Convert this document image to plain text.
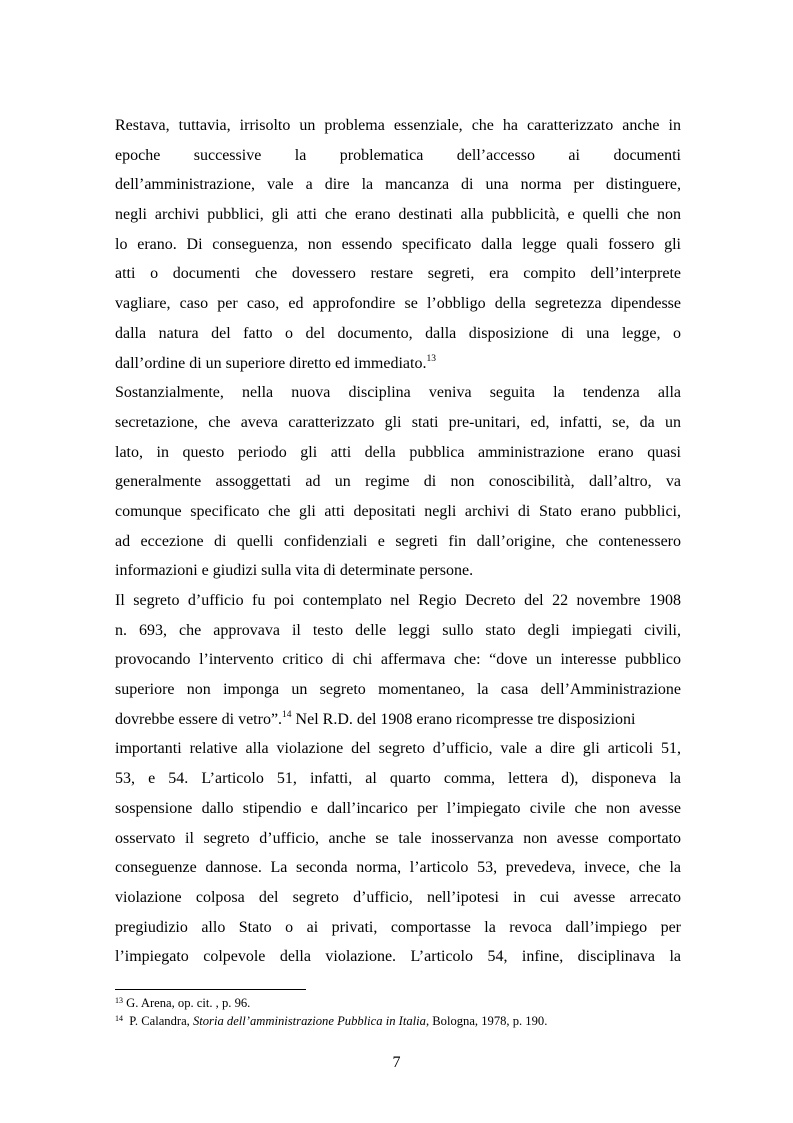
Restava, tuttavia, irrisolto un problema essenziale, che ha caratterizzato anche in
epoche successive la problematica dell’accesso ai documenti
dell’amministrazione, vale a dire la mancanza di una norma per distinguere,
negli archivi pubblici, gli atti che erano destinati alla pubblicità, e quelli che non
lo erano. Di conseguenza, non essendo specificato dalla legge quali fossero gli
atti o documenti che dovessero restare segreti, era compito dell’interprete
vagliare, caso per caso, ed approfondire se l’obbligo della segretezza dipendesse
dalla natura del fatto o del documento, dalla disposizione di una legge, o
dall’ordine di un superiore diretto ed immediato.$^{13}$
Sostanzialmente, nella nuova disciplina veniva seguita la tendenza alla
secretazione, che aveva caratterizzato gli stati pre-unitari, ed, infatti, se, da un
lato, in questo periodo gli atti della pubblica amministrazione erano quasi
generalmente assoggettati ad un regime di non conoscibilità, dall’altro, va
comunque specificato che gli atti depositati negli archivi di Stato erano pubblici,
ad eccezione di quelli confidenziali e segreti fin dall’origine, che contenessero
informazioni e giudizi sulla vita di determinate persone.
Il segreto d’ufficio fu poi contemplato nel Regio Decreto del 22 novembre 1908
n. 693, che approvava il testo delle leggi sullo stato degli impiegati civili,
provocando l’intervento critico di chi affermava che: “dove un interesse pubblico
superiore non imponga un segreto momentaneo, la casa dell’Amministrazione
dovrebbe essere di vetro”.$^{14}$ Nel R.D. del 1908 erano ricompresse tre disposizioni
importanti relative alla violazione del segreto d’ufficio, vale a dire gli articoli 51,
53, e 54. L’articolo 51, infatti, al quarto comma, lettera d), disponeva la
sospensione dallo stipendio e dall’incarico per l’impiegato civile che non avesse
osservato il segreto d’ufficio, anche se tale inosservanza non avesse comportato
conseguenze dannose. La seconda norma, l’articolo 53, prevedeva, invece, che la
violazione colposa del segreto d’ufficio, nell’ipotesi in cui avesse arrecato
pregiudizio allo Stato o ai privati, comportasse la revoca dall’impiego per
l’impiegato colpevole della violazione. L’articolo 54, infine, disciplinava la
$^{13}$ G. Arena, op. cit. , p. 96.
$^{14}$  P. Calandra, Storia dell’amministrazione Pubblica in Italia, Bologna, 1978, p. 190.
7
